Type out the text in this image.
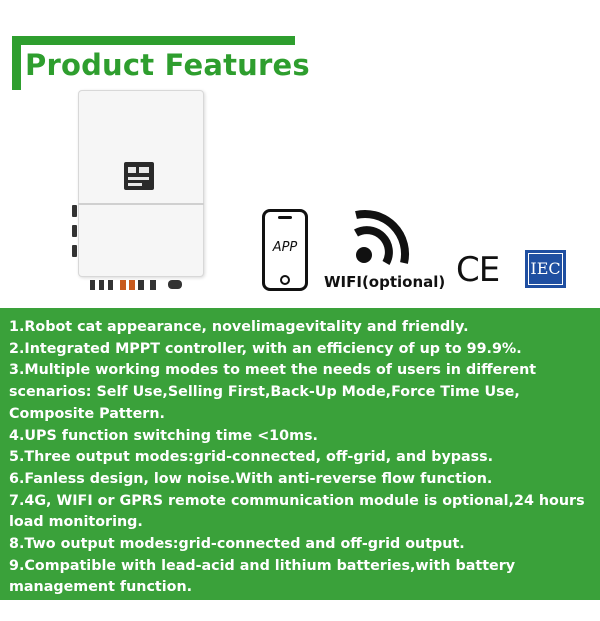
Product Features
APP
WIFI(optional) CE	IEC
1.Robot cat appearance, novelimagevitality and friendly.
2.Integrated MPPT controller, with an efficiency of up to 99.9%.
3.Multiple working modes to meet the needs of users in different scenarios: Self Use,Selling First,Back-Up Mode,Force Time Use, Composite Pattern.
4.UPS function switching time <10ms.
5.Three output modes:grid-connected, off-grid, and bypass.
6.Fanless design, low noise.With anti-reverse flow function.
7.4G, WIFI or GPRS remote communication module is optional,24 hours load monitoring.
8.Two output modes:grid-connected and off-grid output.
9.Compatible with lead-acid and lithium batteries,with battery management function.
10.IP66 protection grade, can be installed outdoors.
